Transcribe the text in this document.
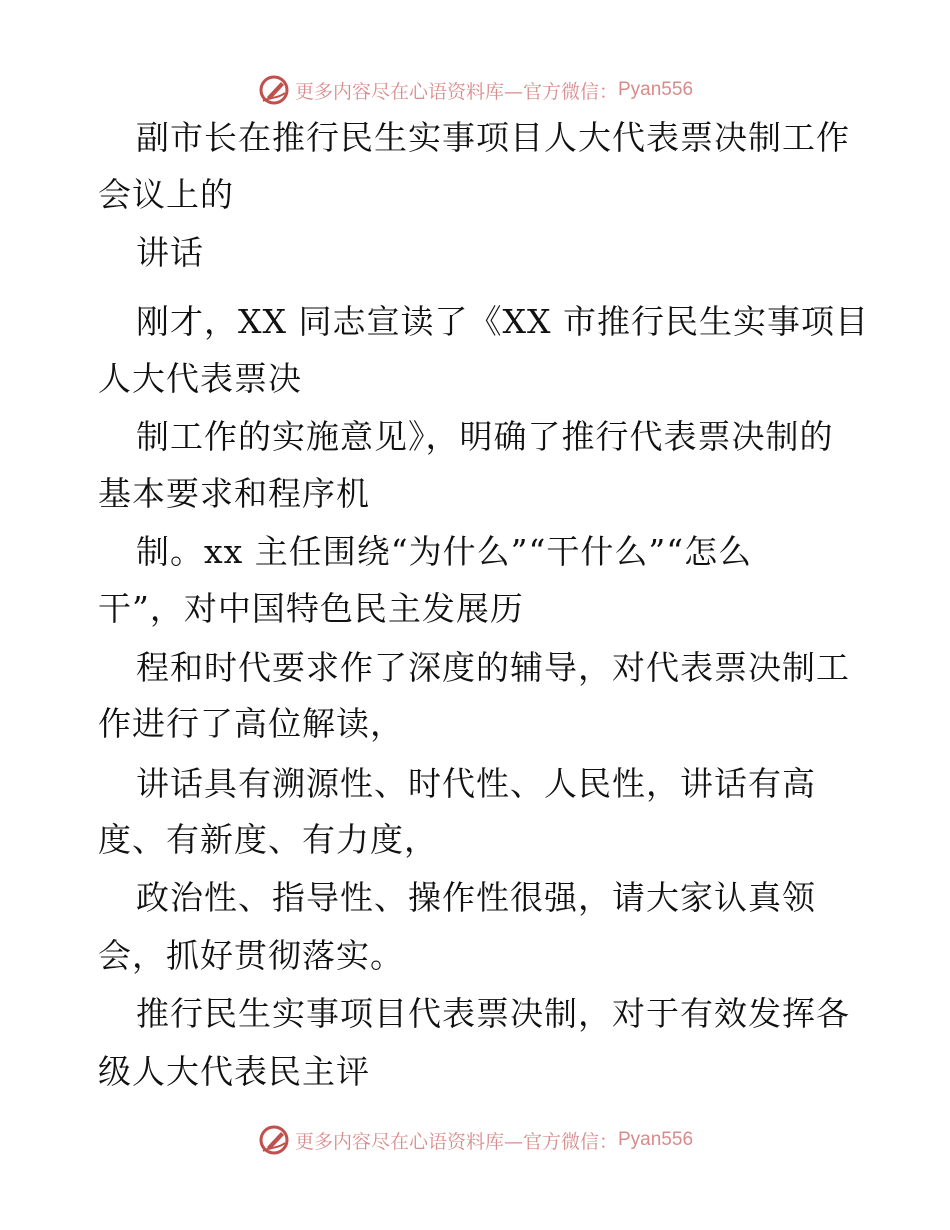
更多内容尽在心语资料库—官方微信： Pyan556
副市长在推行民生实事项目人大代表票决制工作
会议上的
讲话
刚才，XX 同志宣读了《XX 市推行民生实事项目
人大代表票决
制工作的实施意见》，明确了推行代表票决制的
基本要求和程序机
制。xx 主任围绕“为什么”“干什么”“怎么
干”，对中国特色民主发展历
程和时代要求作了深度的辅导，对代表票决制工
作进行了高位解读，
讲话具有溯源性、时代性、人民性，讲话有高
度、有新度、有力度，
政治性、指导性、操作性很强，请大家认真领
会，抓好贯彻落实。
推行民生实事项目代表票决制，对于有效发挥各
级人大代表民主评
更多内容尽在心语资料库—官方微信： Pyan556
